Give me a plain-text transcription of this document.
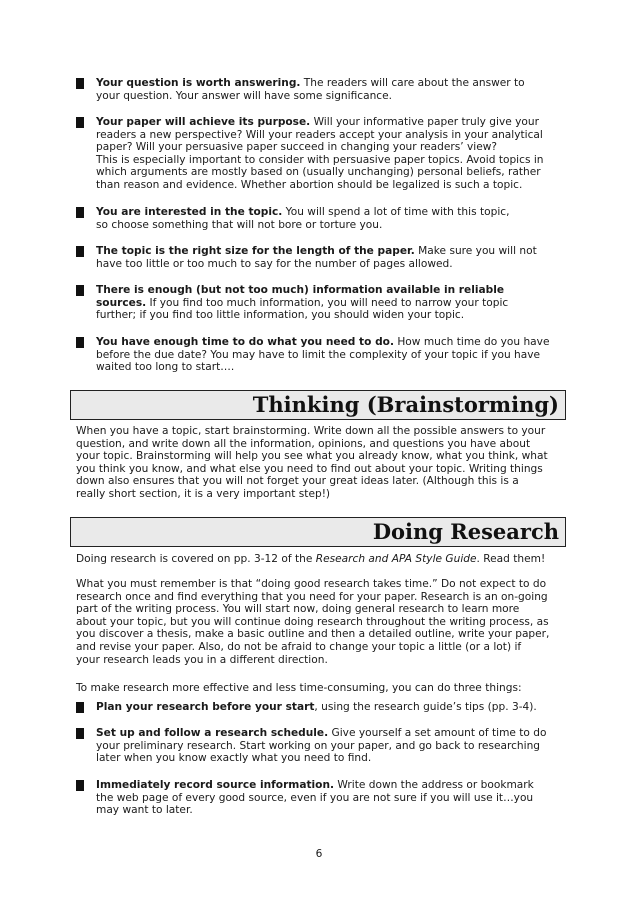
Your question is worth answering. The readers will care about the answer to
your question. Your answer will have some significance.
Your paper will achieve its purpose. Will your informative paper truly give your
readers a new perspective? Will your readers accept your analysis in your analytical
paper? Will your persuasive paper succeed in changing your readers’ view?
This is especially important to consider with persuasive paper topics. Avoid topics in
which arguments are mostly based on (usually unchanging) personal beliefs, rather
than reason and evidence. Whether abortion should be legalized is such a topic.
You are interested in the topic. You will spend a lot of time with this topic,
so choose something that will not bore or torture you.
The topic is the right size for the length of the paper. Make sure you will not
have too little or too much to say for the number of pages allowed.
There is enough (but not too much) information available in reliable
sources. If you find too much information, you will need to narrow your topic
further; if you find too little information, you should widen your topic.
You have enough time to do what you need to do. How much time do you have
before the due date? You may have to limit the complexity of your topic if you have
waited too long to start….
Thinking (Brainstorming)
When you have a topic, start brainstorming. Write down all the possible answers to your
question, and write down all the information, opinions, and questions you have about
your topic. Brainstorming will help you see what you already know, what you think, what
you think you know, and what else you need to find out about your topic. Writing things
down also ensures that you will not forget your great ideas later. (Although this is a
really short section, it is a very important step!)
Doing Research
Doing research is covered on pp. 3-12 of the Research and APA Style Guide. Read them!
What you must remember is that “doing good research takes time.” Do not expect to do
research once and find everything that you need for your paper. Research is an on-going
part of the writing process. You will start now, doing general research to learn more
about your topic, but you will continue doing research throughout the writing process, as
you discover a thesis, make a basic outline and then a detailed outline, write your paper,
and revise your paper. Also, do not be afraid to change your topic a little (or a lot) if
your research leads you in a different direction.
To make research more effective and less time-consuming, you can do three things:
Plan your research before your start, using the research guide’s tips (pp. 3-4).
Set up and follow a research schedule. Give yourself a set amount of time to do
your preliminary research. Start working on your paper, and go back to researching
later when you know exactly what you need to find.
Immediately record source information. Write down the address or bookmark
the web page of every good source, even if you are not sure if you will use it…you
may want to later.
6
